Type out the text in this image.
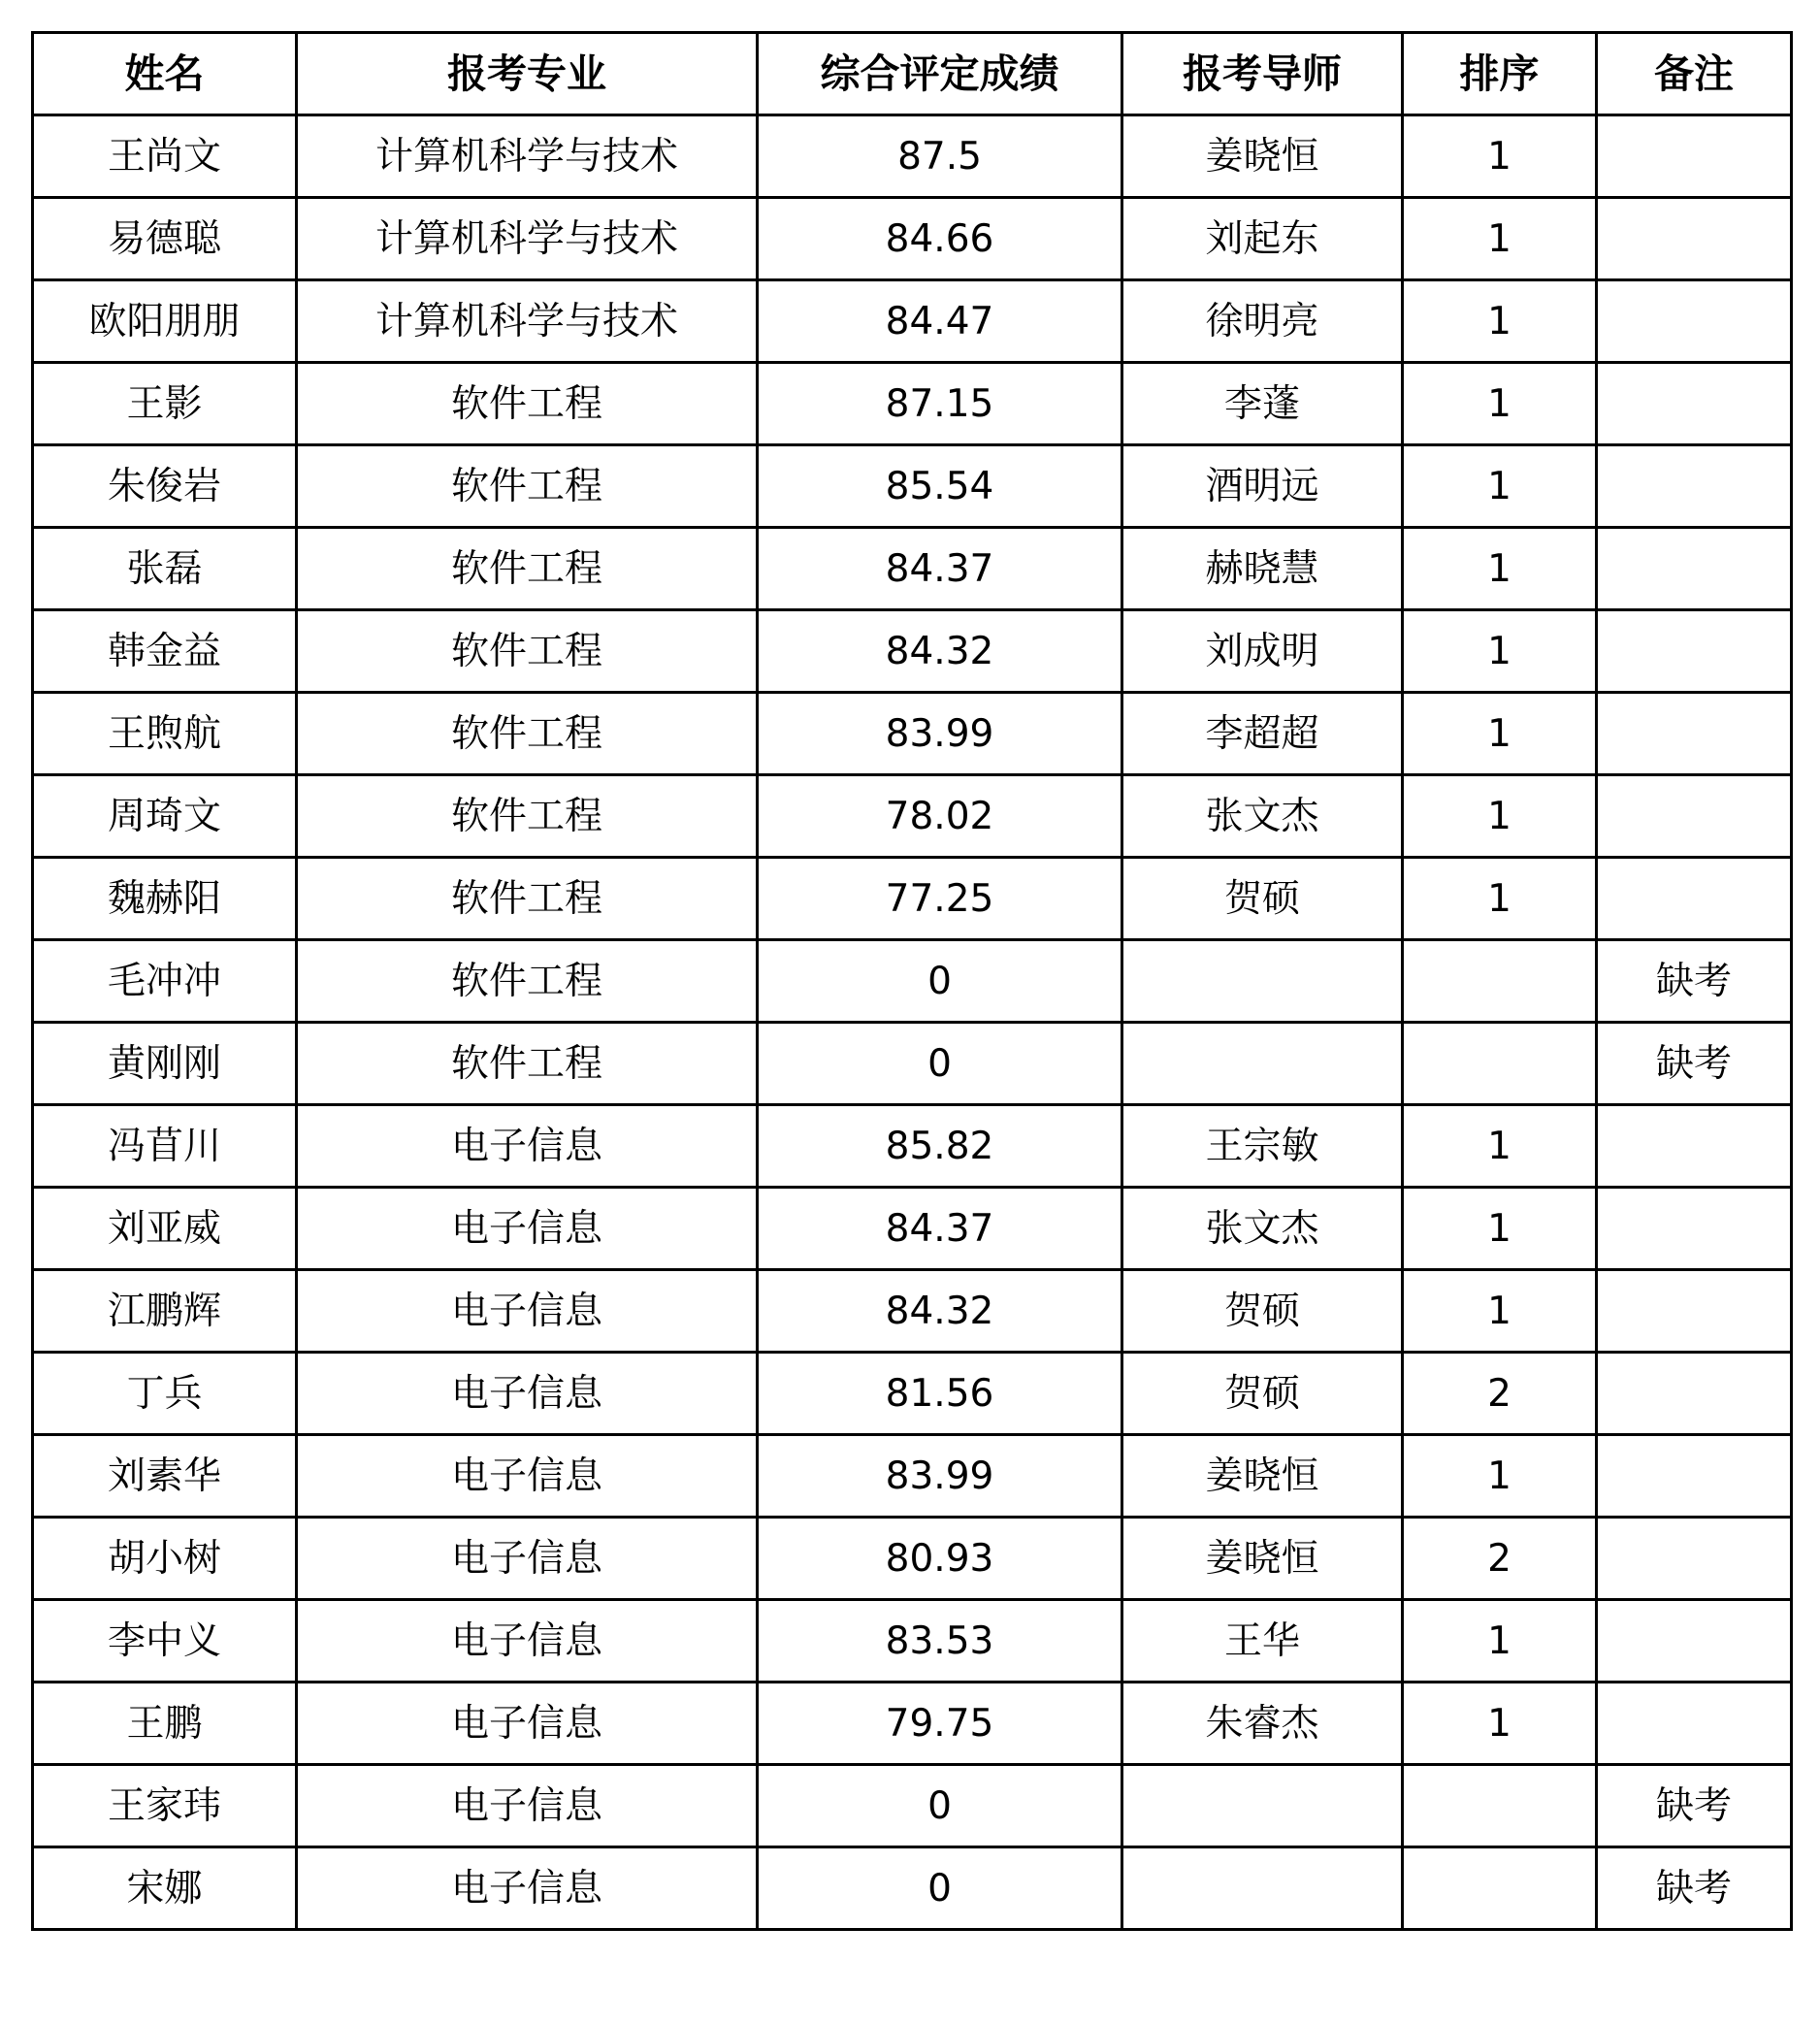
姓名	报考专业	综合评定成绩	报考导师	排序	备注
王尚文	计算机科学与技术	87.5	姜晓恒	1	
易德聪	计算机科学与技术	84.66	刘起东	1	
欧阳朋朋	计算机科学与技术	84.47	徐明亮	1	
王影	软件工程	87.15	李蓬	1	
朱俊岩	软件工程	85.54	酒明远	1	
张磊	软件工程	84.37	赫晓慧	1	
韩金益	软件工程	84.32	刘成明	1	
王煦航	软件工程	83.99	李超超	1	
周琦文	软件工程	78.02	张文杰	1	
魏赫阳	软件工程	77.25	贺硕	1	
毛冲冲	软件工程	0			缺考
黄刚刚	软件工程	0			缺考
冯苜川	电子信息	85.82	王宗敏	1	
刘亚威	电子信息	84.37	张文杰	1	
江鹏辉	电子信息	84.32	贺硕	1	
丁兵	电子信息	81.56	贺硕	2	
刘素华	电子信息	83.99	姜晓恒	1	
胡小树	电子信息	80.93	姜晓恒	2	
李中义	电子信息	83.53	王华	1	
王鹏	电子信息	79.75	朱睿杰	1	
王家玮	电子信息	0			缺考
宋娜	电子信息	0			缺考
